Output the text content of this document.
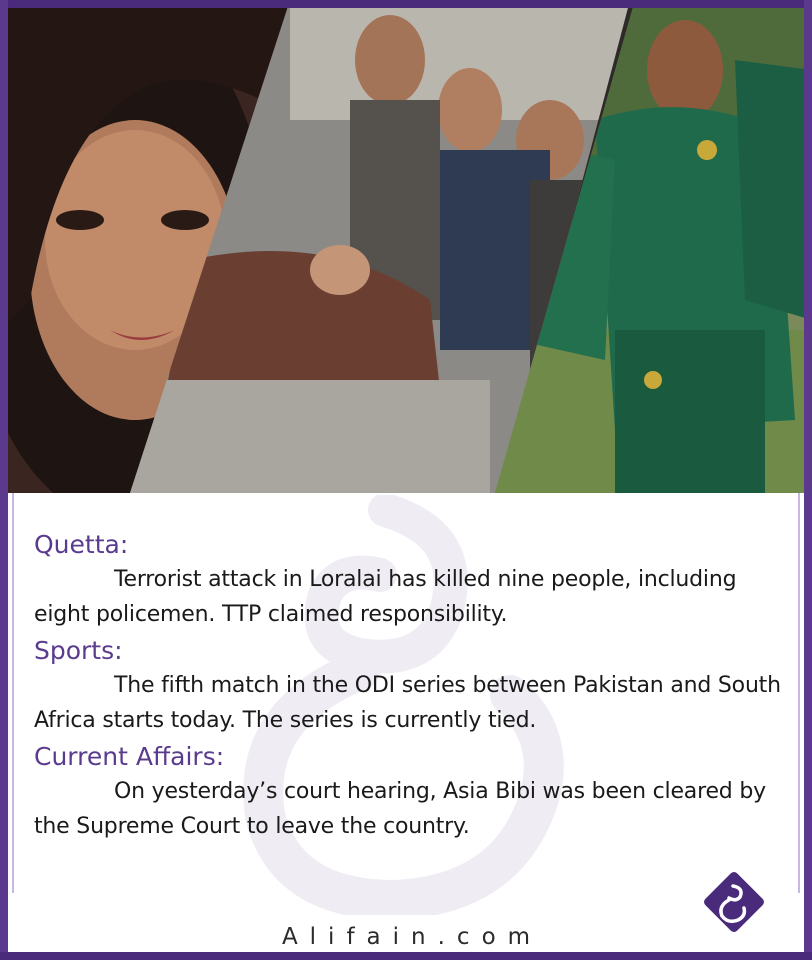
Quetta:

Terrorist attack in Loralai has killed nine people, including eight policemen. TTP claimed responsibility.

Sports:

The fifth match in the ODI series between Pakistan and South Africa starts today. The series is currently tied.

Current Affairs:

On yesterday’s court hearing, Asia Bibi was been cleared by the Supreme Court to leave the country.

Alifain.com
